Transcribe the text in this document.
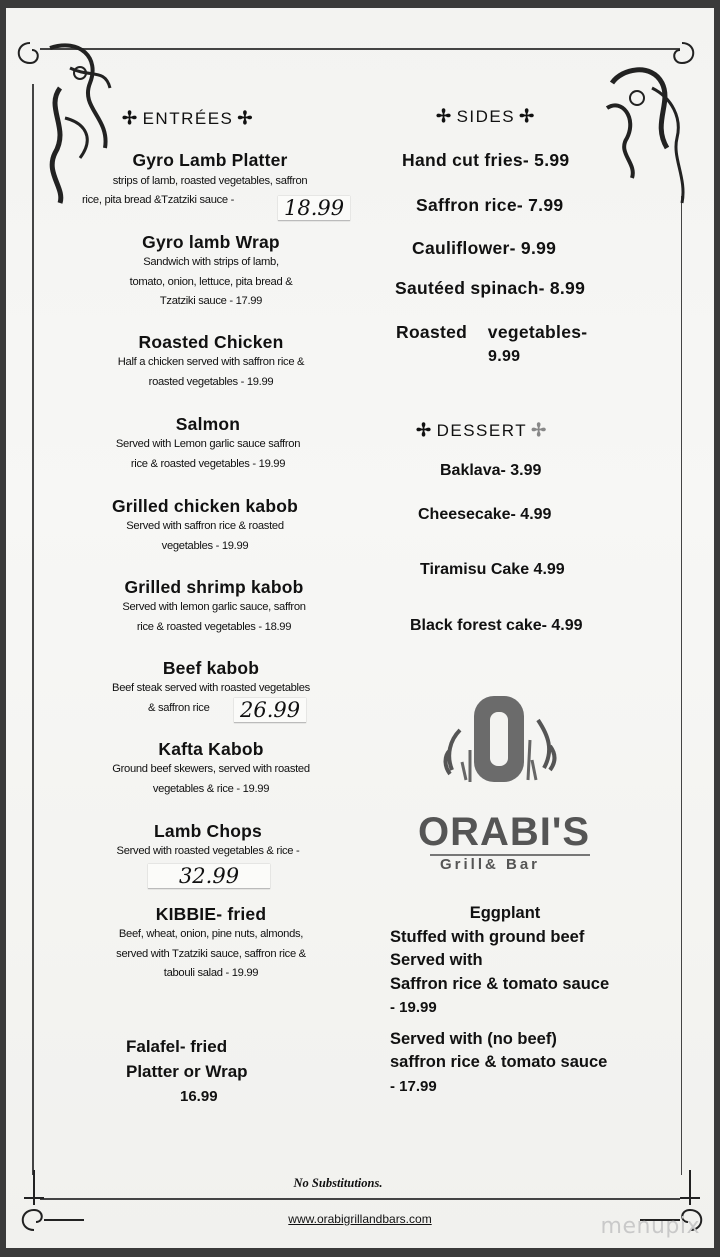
✢ ENTRÉES ✢	✢ SIDES ✢
✢ DESSERT ✢
Gyro Lamb Platter
strips of lamb, roasted vegetables, saffron
rice, pita bread &Tzatziki sauce -	18.99
Gyro lamb Wrap
Sandwich with strips of lamb,
tomato, onion, lettuce, pita bread &
Tzatziki sauce - 17.99
Roasted Chicken
Half a chicken served with saffron rice &
roasted vegetables - 19.99
Salmon
Served with Lemon garlic sauce saffron
rice & roasted vegetables - 19.99
Grilled chicken kabob
Served with saffron rice & roasted
vegetables - 19.99
Grilled shrimp kabob
Served with lemon garlic sauce, saffron
rice & roasted vegetables - 18.99
Beef kabob
Beef steak served with roasted vegetables
& saffron rice	26.99
Kafta Kabob
Ground beef skewers, served with roasted
vegetables & rice - 19.99
Lamb Chops
Served with roasted vegetables & rice -
32.99
KIBBIE- fried
Beef, wheat, onion, pine nuts, almonds,
served with Tzatziki sauce, saffron rice &
tabouli salad - 19.99
Falafel- fried
Platter or Wrap
16.99
Hand cut fries- 5.99
Saffron rice- 7.99
Cauliflower- 9.99
Sautéed spinach- 8.99
Roasted    vegetables-
9.99
Baklava- 3.99
Cheesecake- 4.99
Tiramisu Cake 4.99
Black forest cake- 4.99
ORABI'S
Grill& Bar
Eggplant
Stuffed with ground beef
Served with
Saffron rice & tomato sauce
- 19.99
Served with (no beef)
saffron rice & tomato sauce
- 17.99
No Substitutions.
www.orabigrillandbars.com	menupix
